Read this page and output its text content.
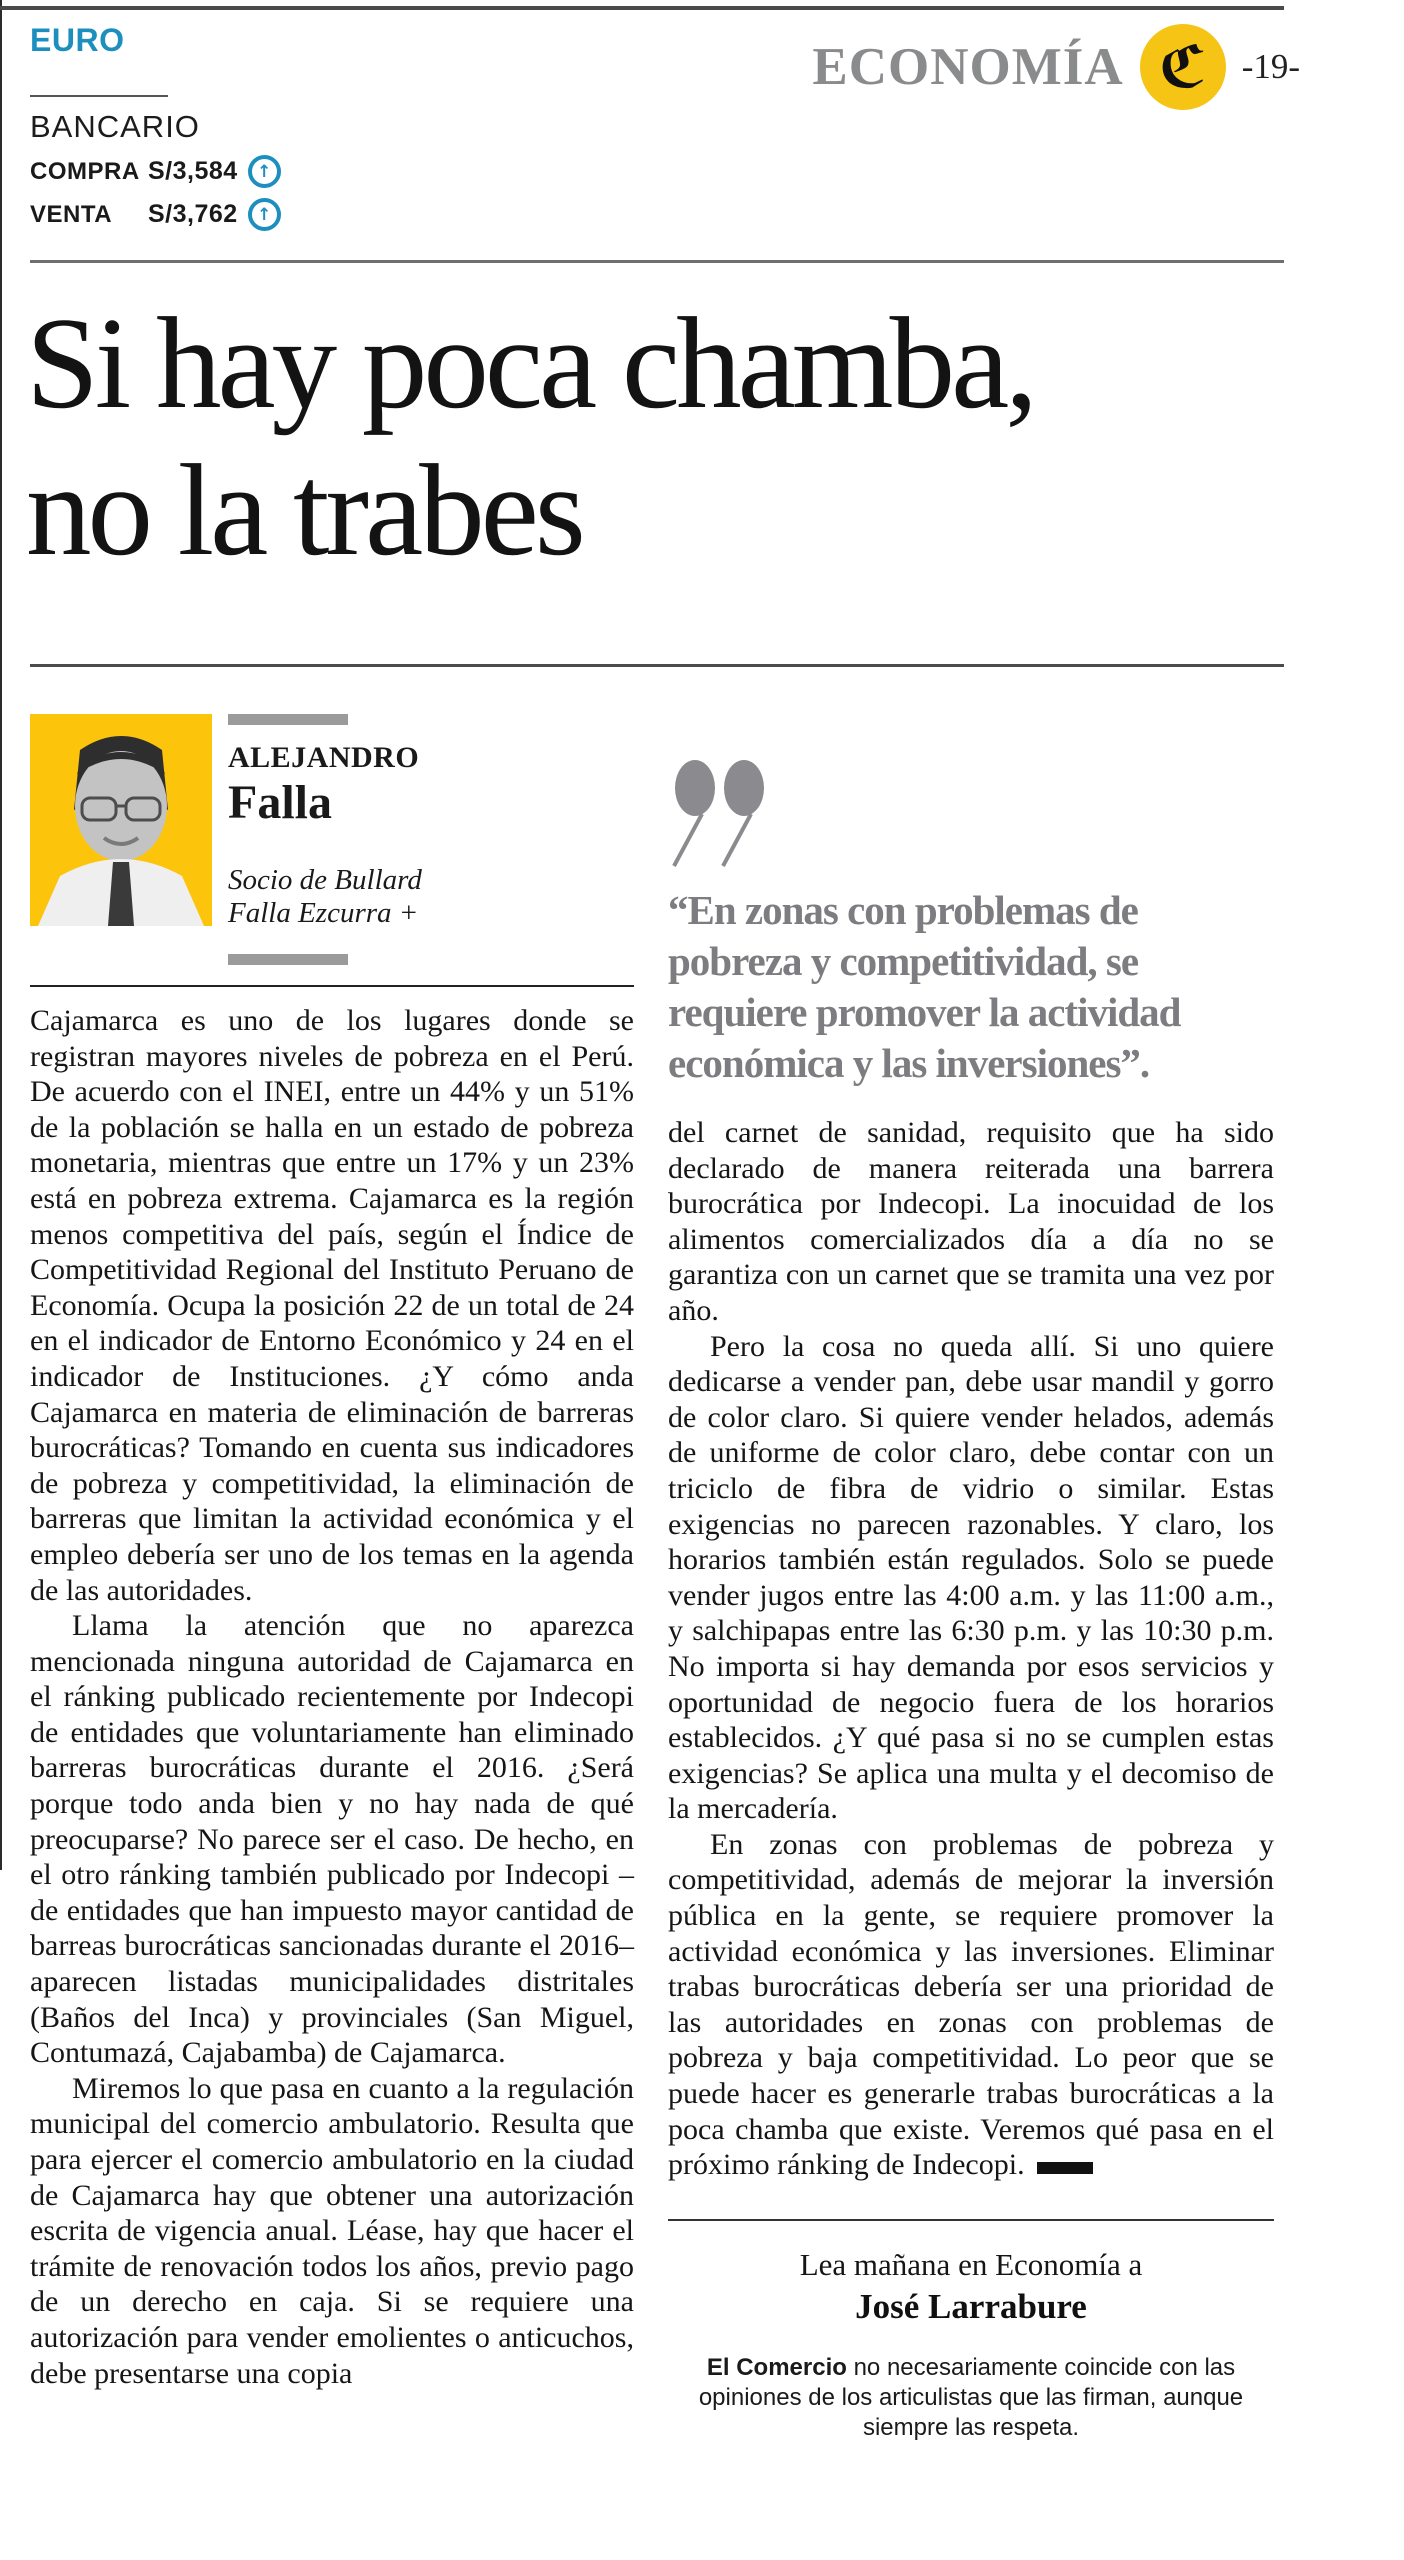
EURO
BANCARIO
COMPRA S/3,584	↑
VENTA	S/3,762	↑
ECONOMÍA ℭ	-19-
Si hay poca chamba,
no la trabes
ALEJANDRO
Falla
Socio de Bullard
Falla Ezcurra +

Cajamarca es uno de los lugares donde se registran mayores niveles de pobreza en el Perú. De acuerdo con el INEI, entre un 44% y un 51% de la población se halla en un estado de pobreza monetaria, mientras que entre un 17% y un 23% está en pobreza extrema. Cajamarca es la región menos competitiva del país, según el Índice de Competitividad Regional del Instituto Peruano de Economía. Ocupa la posición 22 de un total de 24 en el indicador de Entorno Económico y 24 en el indicador de Instituciones. ¿Y cómo anda Cajamarca en materia de eliminación de barreras burocráticas? Tomando en cuenta sus indicadores de pobreza y competitividad, la eliminación de barreras que limitan la actividad económica y el empleo debería ser uno de los temas en la agenda de las autoridades.

Llama la atención que no aparezca mencionada ninguna autoridad de Cajamarca en el ránking publicado recientemente por Indecopi de entidades que voluntariamente han eliminado barreras burocráticas durante el 2016. ¿Será porque todo anda bien y no hay nada de qué preocuparse? No parece ser el caso. De hecho, en el otro ránking también publicado por Indecopi –de entidades que han impuesto mayor cantidad de barreas burocráticas sancionadas durante el 2016– aparecen listadas municipalidades distritales (Baños del Inca) y provinciales (San Miguel, Contumazá, Cajabamba) de Cajamarca.

Miremos lo que pasa en cuanto a la regulación municipal del comercio ambulatorio. Resulta que para ejercer el comercio ambulatorio en la ciudad de Cajamarca hay que obtener una autorización escrita de vigencia anual. Léase, hay que hacer el trámite de renovación todos los años, previo pago de un derecho en caja. Si se requiere una autorización para vender emolientes o anticuchos, debe presentarse una copia

“En zonas con problemas de pobreza y competitividad, se requiere promover la actividad económica y las inversiones”.

del carnet de sanidad, requisito que ha sido declarado de manera reiterada una barrera burocrática por Indecopi. La inocuidad de los alimentos comercializados día a día no se garantiza con un carnet que se tramita una vez por año.

Pero la cosa no queda allí. Si uno quiere dedicarse a vender pan, debe usar mandil y gorro de color claro. Si quiere vender helados, además de uniforme de color claro, debe contar con un triciclo de fibra de vidrio o similar. Estas exigencias no parecen razonables. Y claro, los horarios también están regulados. Solo se puede vender jugos entre las 4:00 a.m. y las 11:00 a.m., y salchipapas entre las 6:30 p.m. y las 10:30 p.m. No importa si hay demanda por esos servicios y oportunidad de negocio fuera de los horarios establecidos. ¿Y qué pasa si no se cumplen estas exigencias? Se aplica una multa y el decomiso de la mercadería.

En zonas con problemas de pobreza y competitividad, además de mejorar la inversión pública en la gente, se requiere promover la actividad económica y las inversiones. Eliminar trabas burocráticas debería ser una prioridad de las autoridades en zonas con problemas de pobreza y baja competitividad. Lo peor que se puede hacer es generarle trabas burocráticas a la poca chamba que existe. Veremos qué pasa en el próximo ránking de Indecopi.

Lea mañana en Economía a
José Larrabure
El Comercio no necesariamente coincide con las opiniones de los articulistas que las firman, aunque siempre las respeta.
